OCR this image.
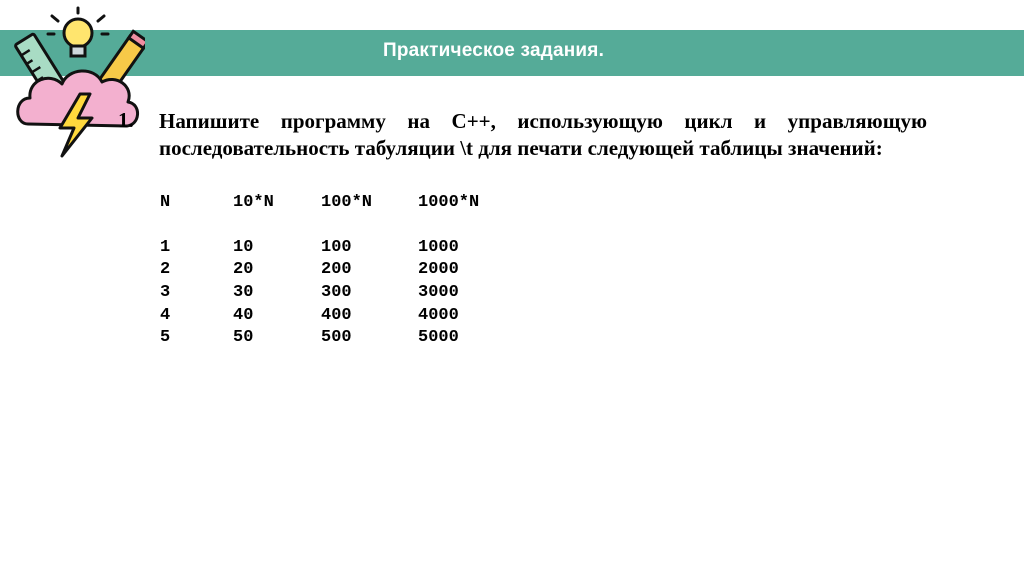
Практическое задания.
1. Напишите программу на C++, использующую цикл и управляющую последовательность табуляции \t для печати следующей таблицы значений:
N	10*N	100*N	1000*N
1	10	100	1000
2	20	200	2000
3	30	300	3000
4	40	400	4000
5	50	500	5000
